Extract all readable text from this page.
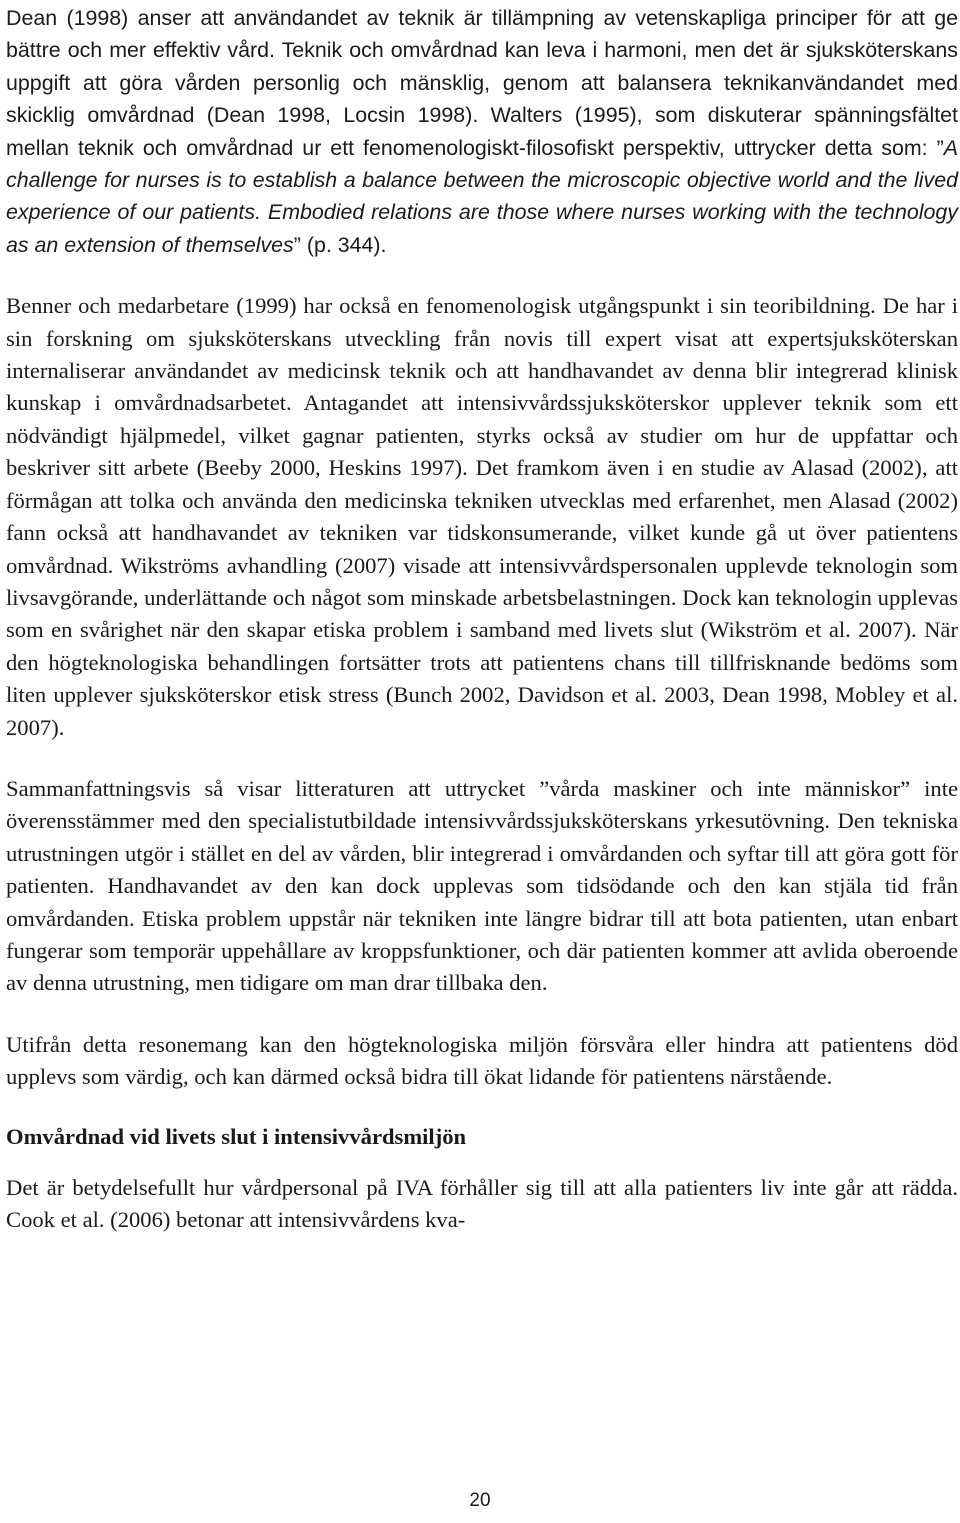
Dean (1998) anser att användandet av teknik är tillämpning av vetenskapliga principer för att ge bättre och mer effektiv vård. Teknik och omvårdnad kan leva i harmoni, men det är sjuksköterskans uppgift att göra vården personlig och mänsklig, genom att balansera teknikanvändandet med skicklig omvårdnad (Dean 1998, Locsin 1998). Walters (1995), som diskuterar spänningsfältet mellan teknik och omvårdnad ur ett fenomenologiskt-filosofiskt perspektiv, uttrycker detta som: ”A challenge for nurses is to establish a balance between the microscopic objective world and the lived experience of our patients. Embodied relations are those where nurses working with the technology as an extension of themselves” (p. 344).

Benner och medarbetare (1999) har också en fenomenologisk utgångspunkt i sin teoribildning. De har i sin forskning om sjuksköterskans utveckling från novis till expert visat att expertsjuksköterskan internaliserar användandet av medicinsk teknik och att handhavandet av denna blir integrerad klinisk kunskap i omvårdnadsarbetet. Antagandet att intensivvårdssjuksköterskor upplever teknik som ett nödvändigt hjälpmedel, vilket gagnar patienten, styrks också av studier om hur de uppfattar och beskriver sitt arbete (Beeby 2000, Heskins 1997). Det framkom även i en studie av Alasad (2002), att förmågan att tolka och använda den medicinska tekniken utvecklas med erfarenhet, men Alasad (2002) fann också att handhavandet av tekniken var tidskonsumerande, vilket kunde gå ut över patientens omvårdnad. Wikströms avhandling (2007) visade att intensivvårdspersonalen upplevde teknologin som livsavgörande, underlättande och något som minskade arbetsbelastningen. Dock kan teknologin upplevas som en svårighet när den skapar etiska problem i samband med livets slut (Wikström et al. 2007). När den högteknologiska behandlingen fortsätter trots att patientens chans till tillfrisknande bedöms som liten upplever sjuksköterskor etisk stress (Bunch 2002, Davidson et al. 2003, Dean 1998, Mobley et al. 2007).

Sammanfattningsvis så visar litteraturen att uttrycket ”vårda maskiner och inte människor” inte överensstämmer med den specialistutbildade intensivvårdssjuksköterskans yrkesutövning. Den tekniska utrustningen utgör i stället en del av vården, blir integrerad i omvårdanden och syftar till att göra gott för patienten. Handhavandet av den kan dock upplevas som tidsödande och den kan stjäla tid från omvårdanden. Etiska problem uppstår när tekniken inte längre bidrar till att bota patienten, utan enbart fungerar som temporär uppehållare av kroppsfunktioner, och där patienten kommer att avlida oberoende av denna utrustning, men tidigare om man drar tillbaka den.

Utifrån detta resonemang kan den högteknologiska miljön försvåra eller hindra att patientens död upplevs som värdig, och kan därmed också bidra till ökat lidande för patientens närstående.

Omvårdnad vid livets slut i intensivvårdsmiljön

Det är betydelsefullt hur vårdpersonal på IVA förhåller sig till att alla patienters liv inte går att rädda. Cook et al. (2006) betonar att intensivvårdens kva-

20
